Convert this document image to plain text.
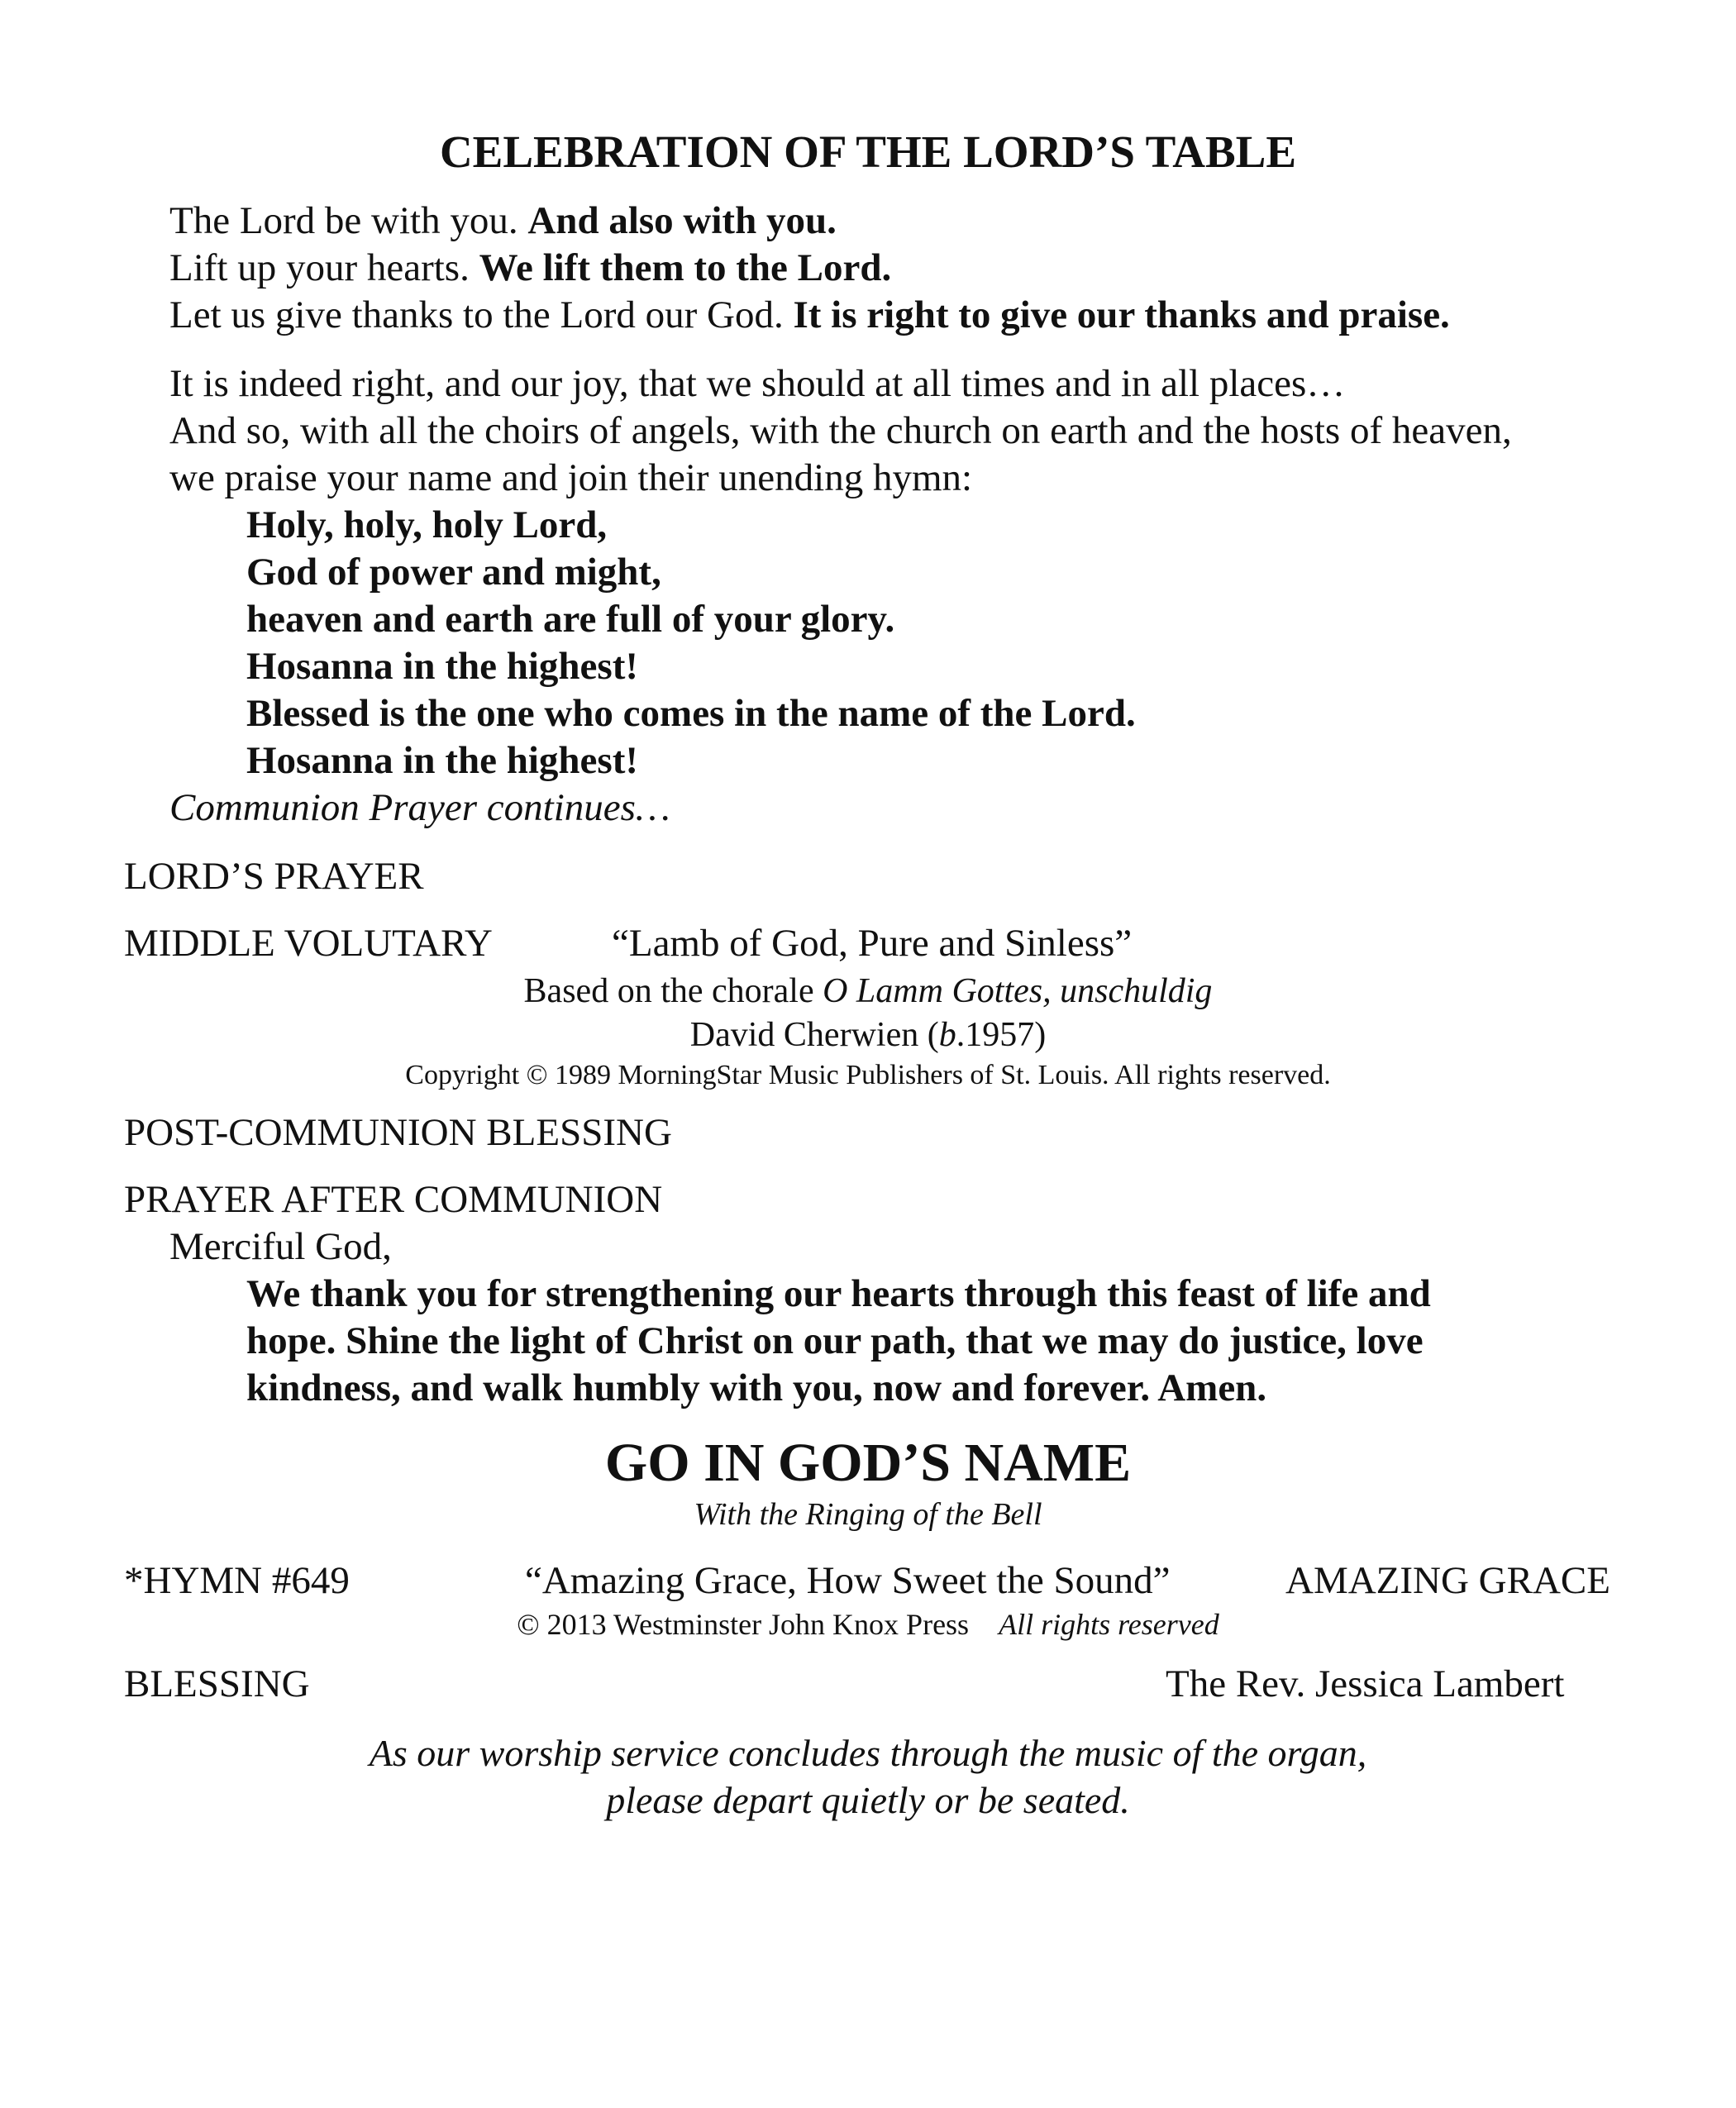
CELEBRATION OF THE LORD’S TABLE
The Lord be with you. And also with you.
Lift up your hearts. We lift them to the Lord.
Let us give thanks to the Lord our God. It is right to give our thanks and praise.
It is indeed right, and our joy, that we should at all times and in all places…
And so, with all the choirs of angels, with the church on earth and the hosts of heaven,
we praise your name and join their unending hymn:
Holy, holy, holy Lord,
God of power and might,
heaven and earth are full of your glory.
Hosanna in the highest!
Blessed is the one who comes in the name of the Lord.
Hosanna in the highest!
Communion Prayer continues…
LORD’S PRAYER
MIDDLE VOLUTARY	“Lamb of God, Pure and Sinless”
Based on the chorale O Lamm Gottes, unschuldig
David Cherwien (b.1957)
Copyright © 1989 MorningStar Music Publishers of St. Louis. All rights reserved.
POST-COMMUNION BLESSING
PRAYER AFTER COMMUNION
Merciful God,
We thank you for strengthening our hearts through this feast of life and
hope. Shine the light of Christ on our path, that we may do justice, love
kindness, and walk humbly with you, now and forever. Amen.
GO IN GOD’S NAME
With the Ringing of the Bell
*HYMN #649	“Amazing Grace, How Sweet the Sound”	AMAZING GRACE
© 2013 Westminster John Knox Press All rights reserved
BLESSING	The Rev. Jessica Lambert
As our worship service concludes through the music of the organ,
please depart quietly or be seated.
